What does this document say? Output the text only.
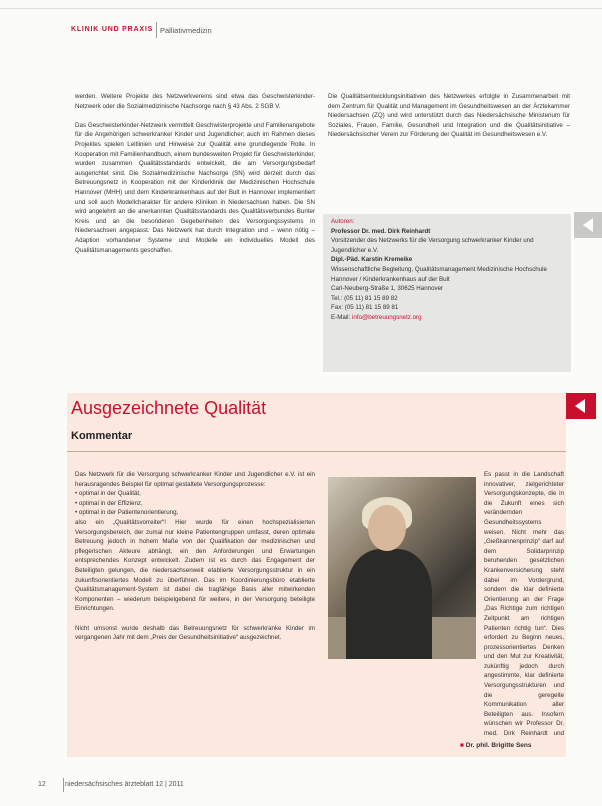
KLINIK UND PRAXIS Palliativmedizin

werden. Weitere Projekte des Netzwerkvereins sind etwa das Geschwisterkinder-Netzwerk oder die Sozialmedizinische Nachsorge nach § 43 Abs. 2 SGB V.

Das Geschwisterkinder-Netzwerk vermittelt Geschwisterprojekte und Familienangebote für die Angehörigen schwerkranker Kinder und Jugendlicher; auch im Rahmen dieses Projektes spielen Leitlinien und Hinweise zur Qualität eine grundlegende Rolle. In Kooperation mit Familienhandbuch, einem bundesweiten Projekt für Geschwisterkinder, wurden zusammen Qualitätsstandards entwickelt, die am Versorgungsbedarf ausgerichtet sind. Die Sozialmedizinische Nachsorge (SN) wird derzeit durch das Betreuungsnetz in Kooperation mit der Kinderklinik der Medizinischen Hochschule Hannover (MHH) und dem Kinderkrankenhaus auf der Bult in Hannover implementiert und soll auch Modellcharakter für andere Kliniken in Niedersachsen haben. Die SN wird angelehnt an die anerkannten Qualitätsstandards des Qualitätsverbundes Bunter Kreis und an die besonderen Gegebenheiten des Versorgungssystems in Niedersachsen angepasst. Das Netzwerk hat durch Integration und – wenn nötig – Adaption vorhandener Systeme und Modelle ein individuelles Modell des Qualitätsmanagements geschaffen.

Die Qualitätsentwicklungsinitiativen des Netzwerkes erfolgte in Zusammenarbeit mit dem Zentrum für Qualität und Management im Gesundheitswesen an der Ärztekammer Niedersachsen (ZQ) und wird unterstützt durch das Niedersächsische Ministerium für Soziales, Frauen, Familie, Gesundheit und Integration und die Qualitätsinitiative – Niedersächsischer Verein zur Förderung der Qualität im Gesundheitswesen e.V.

Autoren:
Professor Dr. med. Dirk Reinhardt
Vorsitzender des Netzwerks für die Versorgung schwerkranker Kinder und Jugendlicher e.V.
Dipl.-Päd. Karstin Kremeike
Wissenschaftliche Begleitung, Qualitätsmanagement Medizinische Hochschule Hannover / Kinderkrankenhaus auf der Bult
Carl-Neuberg-Straße 1, 30625 Hannover
Tel.: (05 11) 81 15 89 82
Fax: (05 11) 81 15 89 81
E-Mail: info@betreuungsnetz.org
Ausgezeichnete Qualität
Kommentar
Das Netzwerk für die Versorgung schwerkranker Kinder und Jugendlicher e.V. ist ein herausragendes Beispiel für optimal gestaltete Versorgungsprozesse:
• optimal in der Qualität,
• optimal in der Effizienz,
• optimal in der Patientenorientierung,

also ein „Qualitätsvorreiter“! Hier wurde für einen hochspezialisierten Versorgungsbereich, der zumal nur kleine Patientengruppen umfasst, deren optimale Betreuung jedoch in hohem Maße von der Qualifikation der medizinischen und pflegerischen Akteure abhängt, ein den Anforderungen und Erwartungen entsprechendes Konzept entwickelt. Zudem ist es durch das Engagement der Beteiligten gelungen, die niedersachsenweit etablierte Versorgungsstruktur in ein zukunftsorientiertes Modell zu überführen. Das im Koordinierungsbüro etablierte Qualitätsmanagement-System ist dabei die tragfähige Basis aller mitwirkenden Komponenten – wiederum beispielgebend für weitere, in der Versorgung beteiligte Einrichtungen.

Nicht umsonst wurde deshalb das Betreuungsnetz für schwerkranke Kinder im vergangenen Jahr mit dem „Preis der Gesundheitsinitiative“ ausgezeichnet.

Es passt in die Landschaft innovativer, zielgerichteter Versorgungskonzepte, die in die Zukunft eines sich verändernden Gesundheitssystems weisen. Nicht mehr das „Gießkannenprinzip“ darf auf dem Solidarprinzip beruhenden gesetzlichen Krankenversicherung steht dabei im Vordergrund, sondern die klar definierte Orientierung an der Frage „Das Richtige zum richtigen Zeitpunkt am richtigen Patienten richtig tun“. Dies erfordert zu Beginn neues, prozessorientiertes Denken und den Mut zur Kreativität, zukünftig jedoch durch angestimmte, klar definierte Versorgungsstrukturen und die geregelte Kommunikation aller Beteiligten aus. Insofern wünschen wir Professor Dr. med. Dirk Reinhardt und

■ Dr. phil. Brigitte Sens
12	niedersächsisches ärzteblatt 12 | 2011
